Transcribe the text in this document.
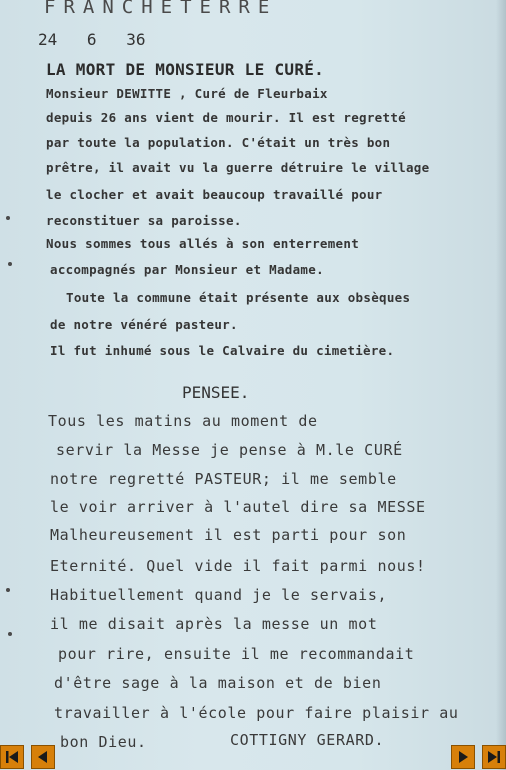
FRANCHETERRE
24 6 36
LA MORT DE MONSIEUR LE CURÉ.
Monsieur DEWITTE , Curé de Fleurbaix
depuis 26 ans vient de mourir. Il est regretté
par toute la population. C'était un très bon
prêtre, il avait vu la guerre détruire le village
le clocher et avait beaucoup travaillé pour
reconstituer sa paroisse.
Nous sommes tous allés à son enterrement
accompagnés par Monsieur et Madame.
Toute la commune était présente aux obsèques
de notre vénéré pasteur.
Il fut inhumé sous le Calvaire du cimetière.
PENSEE.
Tous les matins au moment de
servir la Messe je pense à M.le CURÉ
notre regretté PASTEUR; il me semble
le voir arriver à l'autel dire sa MESSE
Malheureusement il est parti pour son
Eternité. Quel vide il fait parmi nous!
Habituellement quand je le servais,
il me disait après la messe un mot
pour rire, ensuite il me recommandait
d'être sage à la maison et de bien
travailler à l'école pour faire plaisir au
bon Dieu.	COTTIGNY GERARD.
